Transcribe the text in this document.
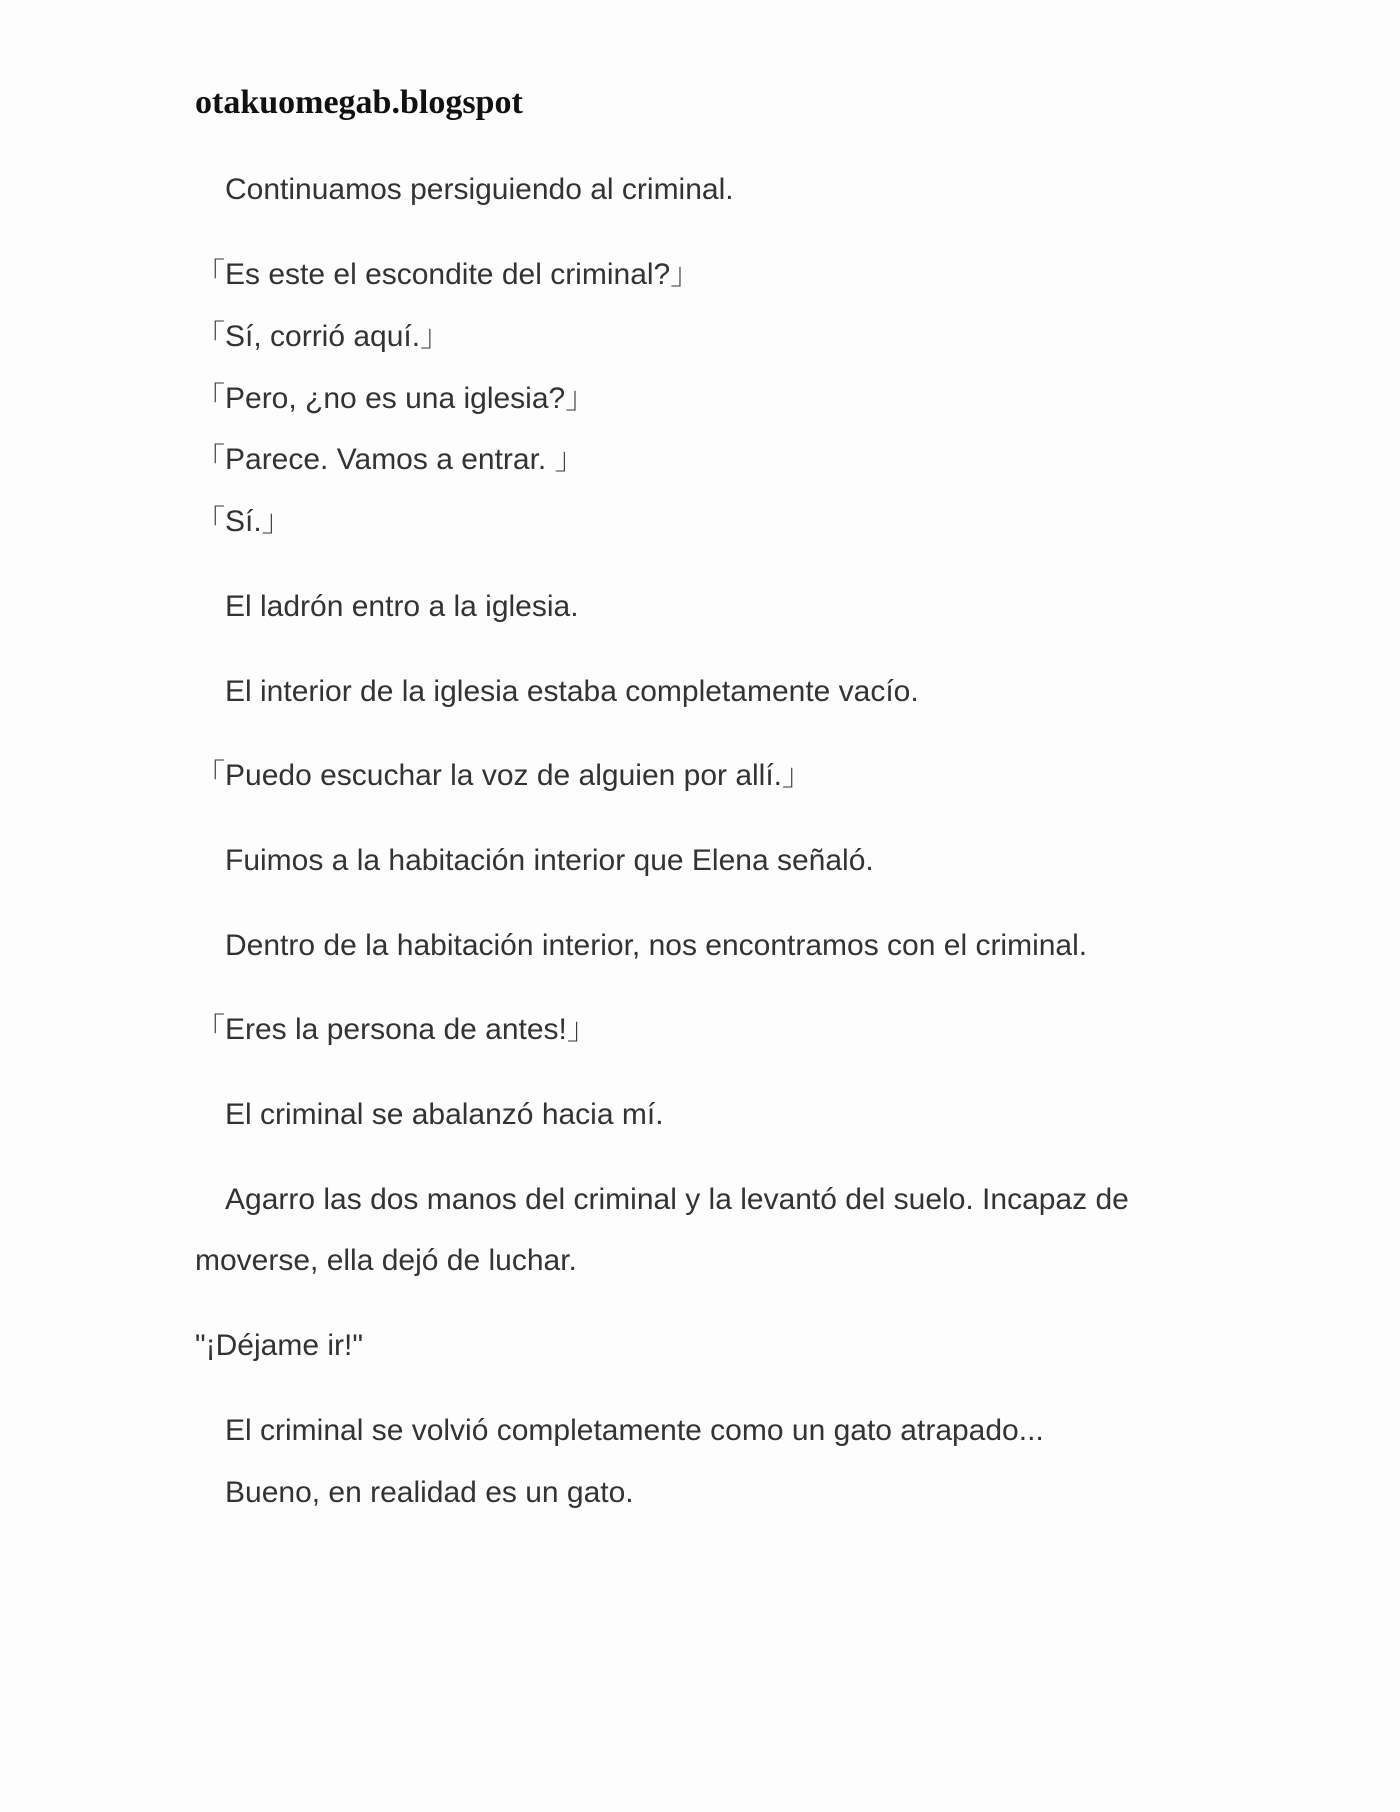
otakuomegab.blogspot
　Continuamos persiguiendo al criminal.
「Es este el escondite del criminal?」
「Sí, corrió aquí.」
「Pero, ¿no es una iglesia?」
「Parece. Vamos a entrar. 」
「Sí.」
　El ladrón entro a la iglesia.
　El interior de la iglesia estaba completamente vacío.
「Puedo escuchar la voz de alguien por allí.」
　Fuimos a la habitación interior que Elena señaló.
　Dentro de la habitación interior, nos encontramos con el criminal.
「Eres la persona de antes!」
　El criminal se abalanzó hacia mí.
　Agarro las dos manos del criminal y la levantó del suelo. Incapaz de
moverse, ella dejó de luchar.
"¡Déjame ir!"
　El criminal se volvió completamente como un gato atrapado...
　Bueno, en realidad es un gato.
